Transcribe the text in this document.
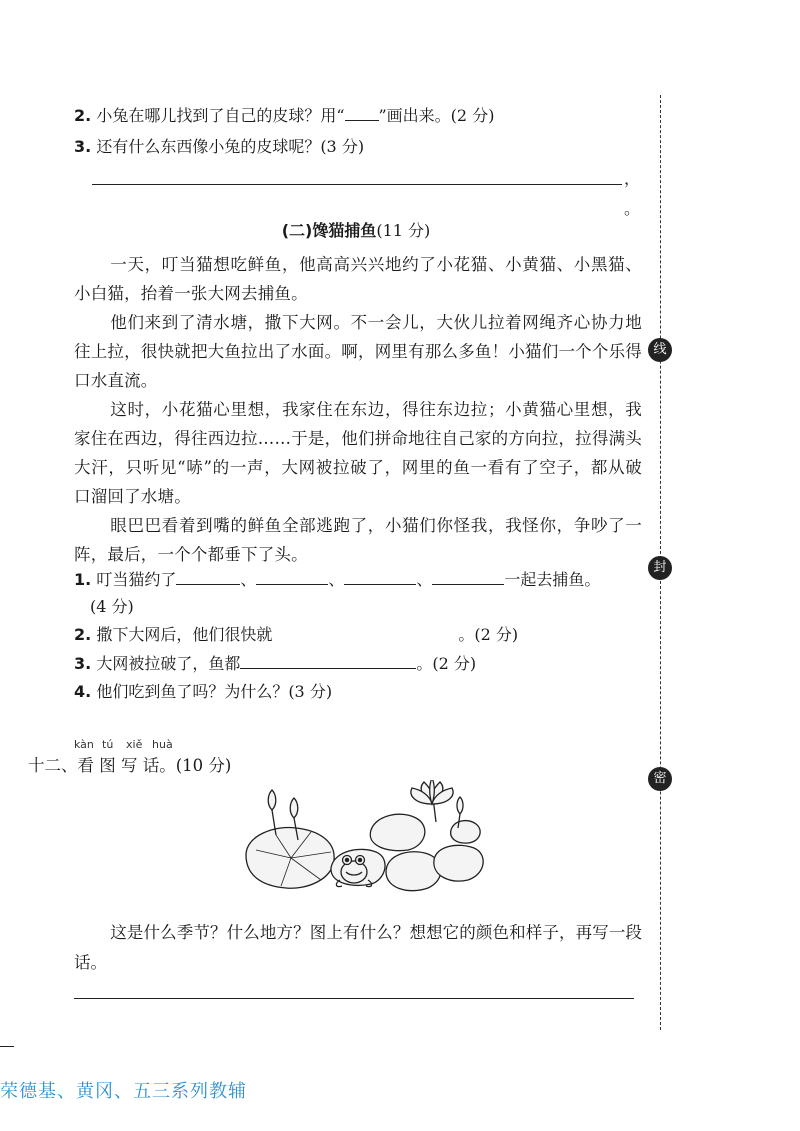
线
封
密
2. 小兔在哪儿找到了自己的皮球？用“ ”画出来。(2 分)
3. 还有什么东西像小兔的皮球呢？(3 分)
，
。
(二)馋猫捕鱼(11 分)

一天，叮当猫想吃鲜鱼，他高高兴兴地约了小花猫、小黄猫、小黑猫、小白猫，抬着一张大网去捕鱼。

他们来到了清水塘，撒下大网。不一会儿，大伙儿拉着网绳齐心协力地往上拉，很快就把大鱼拉出了水面。啊，网里有那么多鱼！小猫们一个个乐得口水直流。

这时，小花猫心里想，我家住在东边，得往东边拉；小黄猫心里想，我家住在西边，得往西边拉……于是，他们拼命地往自己家的方向拉，拉得满头大汗，只听见“哧”的一声，大网被拉破了，网里的鱼一看有了空子，都从破口溜回了水塘。

眼巴巴看着到嘴的鲜鱼全部逃跑了，小猫们你怪我，我怪你，争吵了一阵，最后，一个个都垂下了头。

1. 叮当猫约了	、	、	、	一起去捕鱼。
(4 分)
2. 撒下大网后，他们很快就	。(2 分)
3. 大网被拉破了，鱼都	。(2 分)
4. 他们吃到鱼了吗？为什么？(3 分)
kàn tú xiě huà
十二、看 图 写 话。(10 分)
这是什么季节？什么地方？图上有什么？想想它的颜色和样子，再写一段话。
荣德基、黄冈、五三系列教辅
